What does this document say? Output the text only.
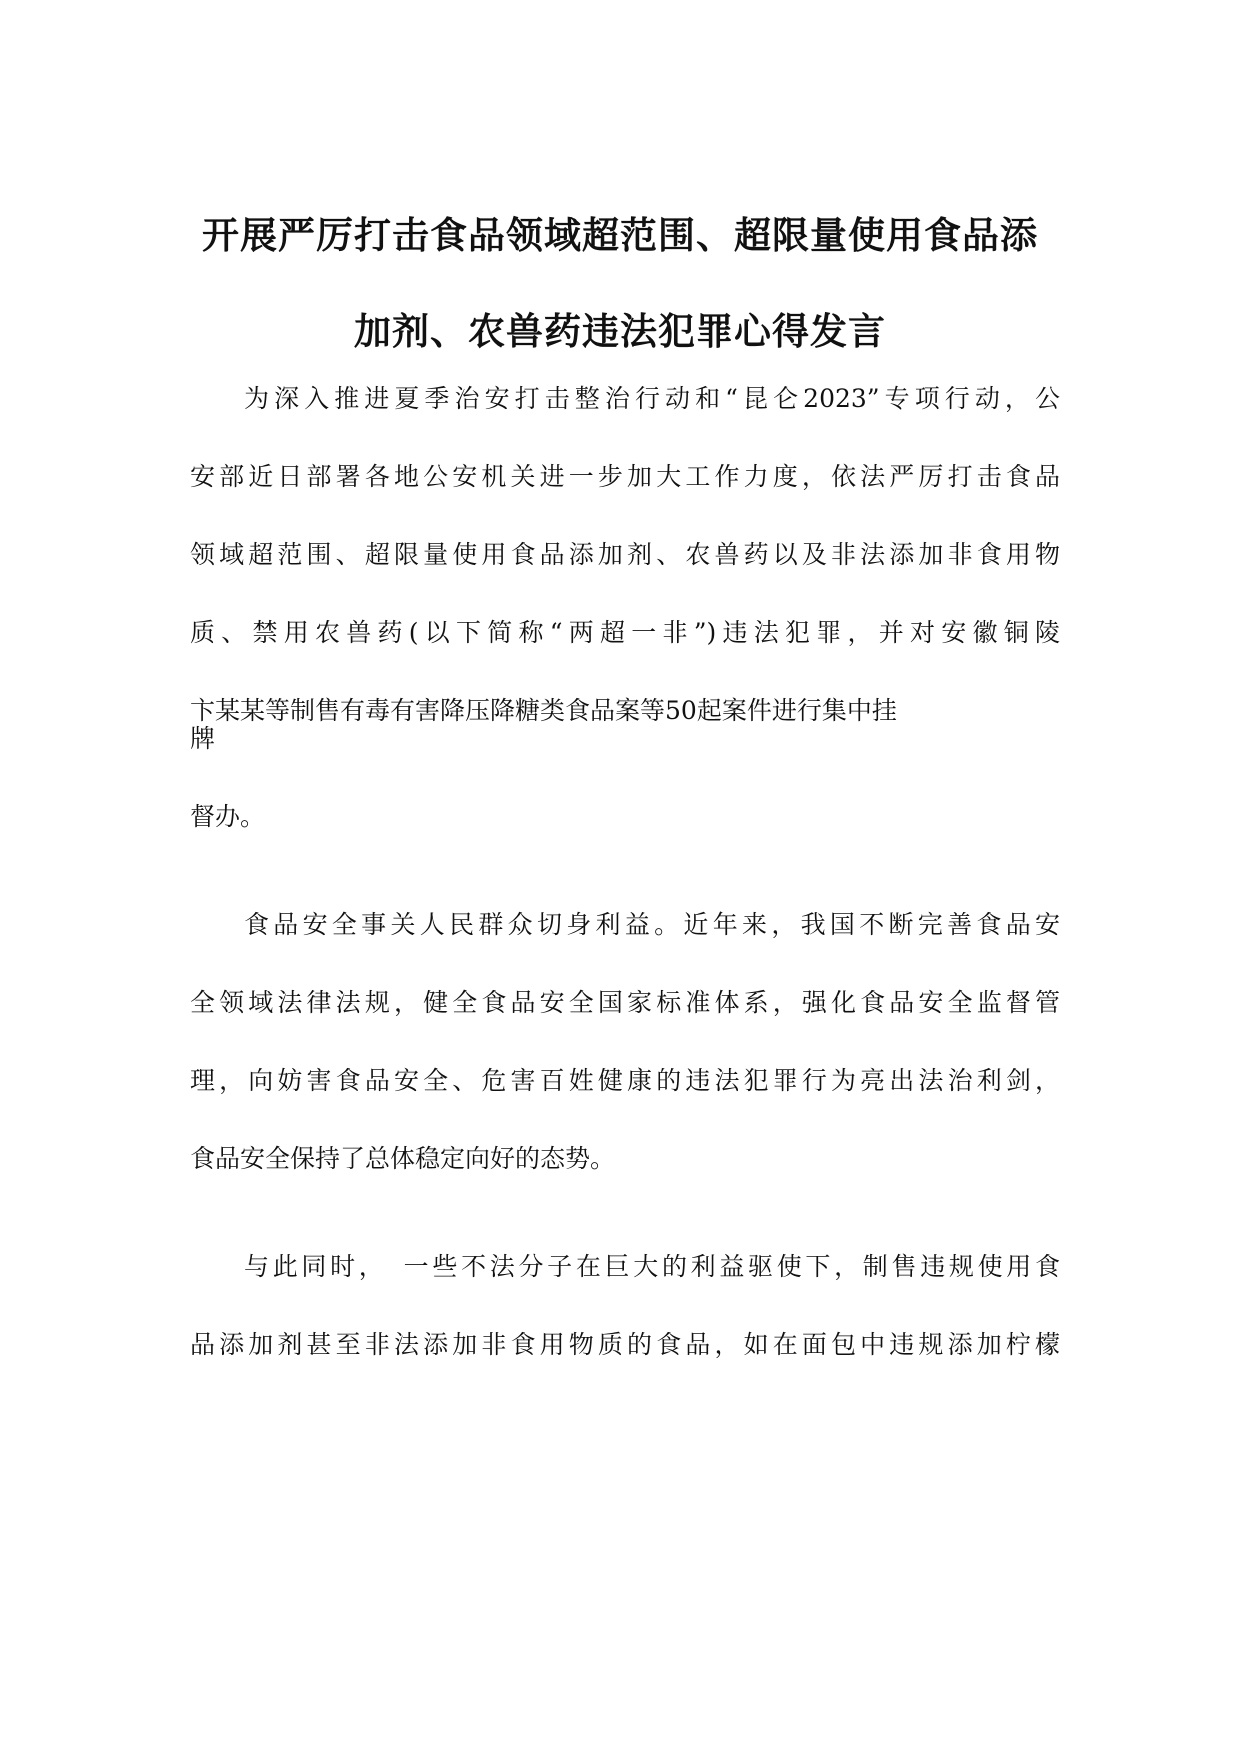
开展严厉打击食品领域超范围、超限量使用食品添
加剂、农兽药违法犯罪心得发言
为深入推进夏季治安打击整治行动和“昆仑2023”专项行动，公
安部近日部署各地公安机关进一步加大工作力度，依法严厉打击食品
领域超范围、超限量使用食品添加剂、农兽药以及非法添加非食用物
质、禁用农兽药(以下简称“两超一非”)违法犯罪，并对安徽铜陵
卞某某等制售有毒有害降压降糖类食品案等50起案件进行集中挂
牌
督办。
食品安全事关人民群众切身利益。近年来，我国不断完善食品安
全领域法律法规，健全食品安全国家标准体系，强化食品安全监督管
理，向妨害食品安全、危害百姓健康的违法犯罪行为亮出法治利剑，
食品安全保持了总体稳定向好的态势。
与此同时，　一些不法分子在巨大的利益驱使下，制售违规使用食
品添加剂甚至非法添加非食用物质的食品，如在面包中违规添加柠檬
